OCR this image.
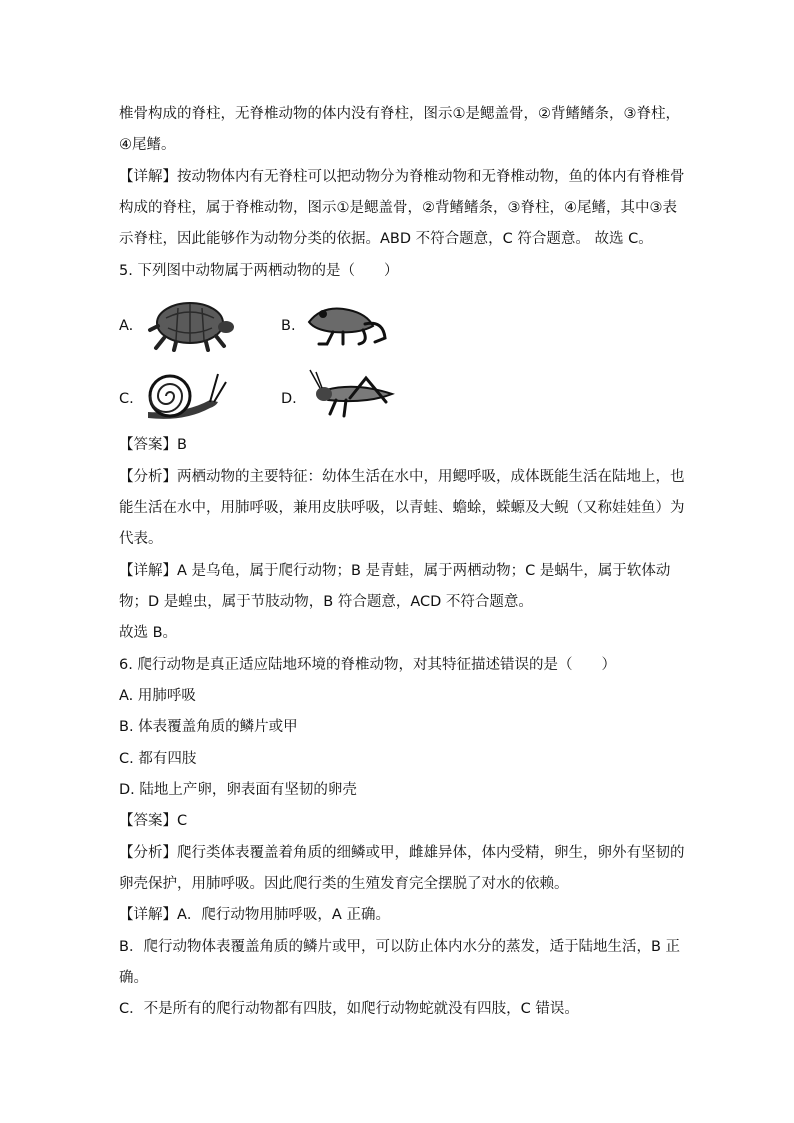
椎骨构成的脊柱，无脊椎动物的体内没有脊柱，图示①是鳃盖骨，②背鳍鳍条，③脊柱，
④尾鳍。
【详解】按动物体内有无脊柱可以把动物分为脊椎动物和无脊椎动物，鱼的体内有脊椎骨
构成的脊柱，属于脊椎动物，图示①是鳃盖骨，②背鳍鳍条，③脊柱，④尾鳍，其中③表
示脊柱，因此能够作为动物分类的依据。ABD 不符合题意，C 符合题意。 故选 C。
5. 下列图中动物属于两栖动物的是（　　）
A.	B.
C.	D.
【答案】B
【分析】两栖动物的主要特征：幼体生活在水中，用鳃呼吸，成体既能生活在陆地上，也
能生活在水中，用肺呼吸，兼用皮肤呼吸，以青蛙、蟾蜍，蝾螈及大鲵（又称娃娃鱼）为
代表。
【详解】A 是乌龟，属于爬行动物；B 是青蛙，属于两栖动物；C 是蜗牛，属于软体动
物；D 是蝗虫，属于节肢动物，B 符合题意，ACD 不符合题意。
故选 B。
6. 爬行动物是真正适应陆地环境的脊椎动物，对其特征描述错误的是（　　）
A. 用肺呼吸
B. 体表覆盖角质的鳞片或甲
C. 都有四肢
D. 陆地上产卵，卵表面有坚韧的卵壳
【答案】C
【分析】爬行类体表覆盖着角质的细鳞或甲，雌雄异体，体内受精，卵生，卵外有坚韧的
卵壳保护，用肺呼吸。因此爬行类的生殖发育完全摆脱了对水的依赖。
【详解】A．爬行动物用肺呼吸，A 正确。
B．爬行动物体表覆盖角质的鳞片或甲，可以防止体内水分的蒸发，适于陆地生活，B 正
确。
C．不是所有的爬行动物都有四肢，如爬行动物蛇就没有四肢，C 错误。
